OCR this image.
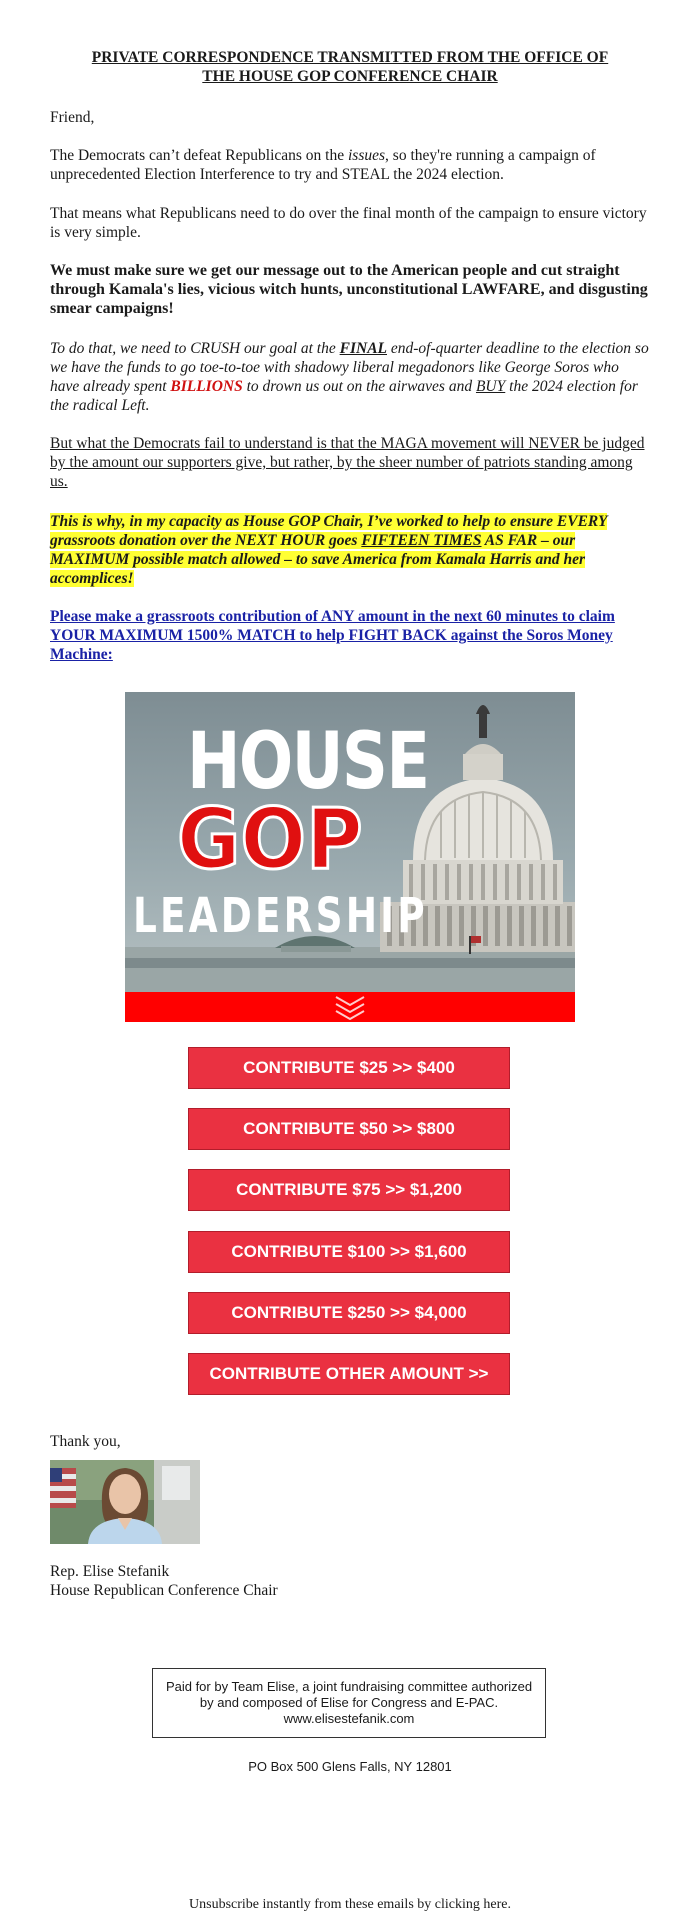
PRIVATE CORRESPONDENCE TRANSMITTED FROM THE OFFICE OF
THE HOUSE GOP CONFERENCE CHAIR
Friend,
The Democrats can’t defeat Republicans on the issues, so they're running a campaign of unprecedented Election Interference to try and STEAL the 2024 election.
That means what Republicans need to do over the final month of the campaign to ensure victory is very simple.
We must make sure we get our message out to the American people and cut straight through Kamala's lies, vicious witch hunts, unconstitutional LAWFARE, and disgusting smear campaigns!
To do that, we need to CRUSH our goal at the FINAL end-of-quarter deadline to the election so we have the funds to go toe-to-toe with shadowy liberal megadonors like George Soros who have already spent BILLIONS to drown us out on the airwaves and BUY the 2024 election for the radical Left.
But what the Democrats fail to understand is that the MAGA movement will NEVER be judged by the amount our supporters give, but rather, by the sheer number of patriots standing among us.
This is why, in my capacity as House GOP Chair, I’ve worked to help to ensure EVERY grassroots donation over the NEXT HOUR goes FIFTEEN TIMES AS FAR – our MAXIMUM possible match allowed – to save America from Kamala Harris and her accomplices!
Please make a grassroots contribution of ANY amount in the next 60 minutes to claim YOUR MAXIMUM 1500% MATCH to help FIGHT BACK against the Soros Money Machine:
HOUSE
GOP
LEADERSHIP
CONTRIBUTE $25 >> $400
CONTRIBUTE $50 >> $800
CONTRIBUTE $75 >> $1,200
CONTRIBUTE $100 >> $1,600
CONTRIBUTE $250 >> $4,000
CONTRIBUTE OTHER AMOUNT >>
Thank you,
Rep. Elise Stefanik
House Republican Conference Chair
Paid for by Team Elise, a joint fundraising committee authorized by and composed of Elise for Congress and E-PAC. www.elisestefanik.com
PO Box 500 Glens Falls, NY 12801
Unsubscribe instantly from these emails by clicking here.
